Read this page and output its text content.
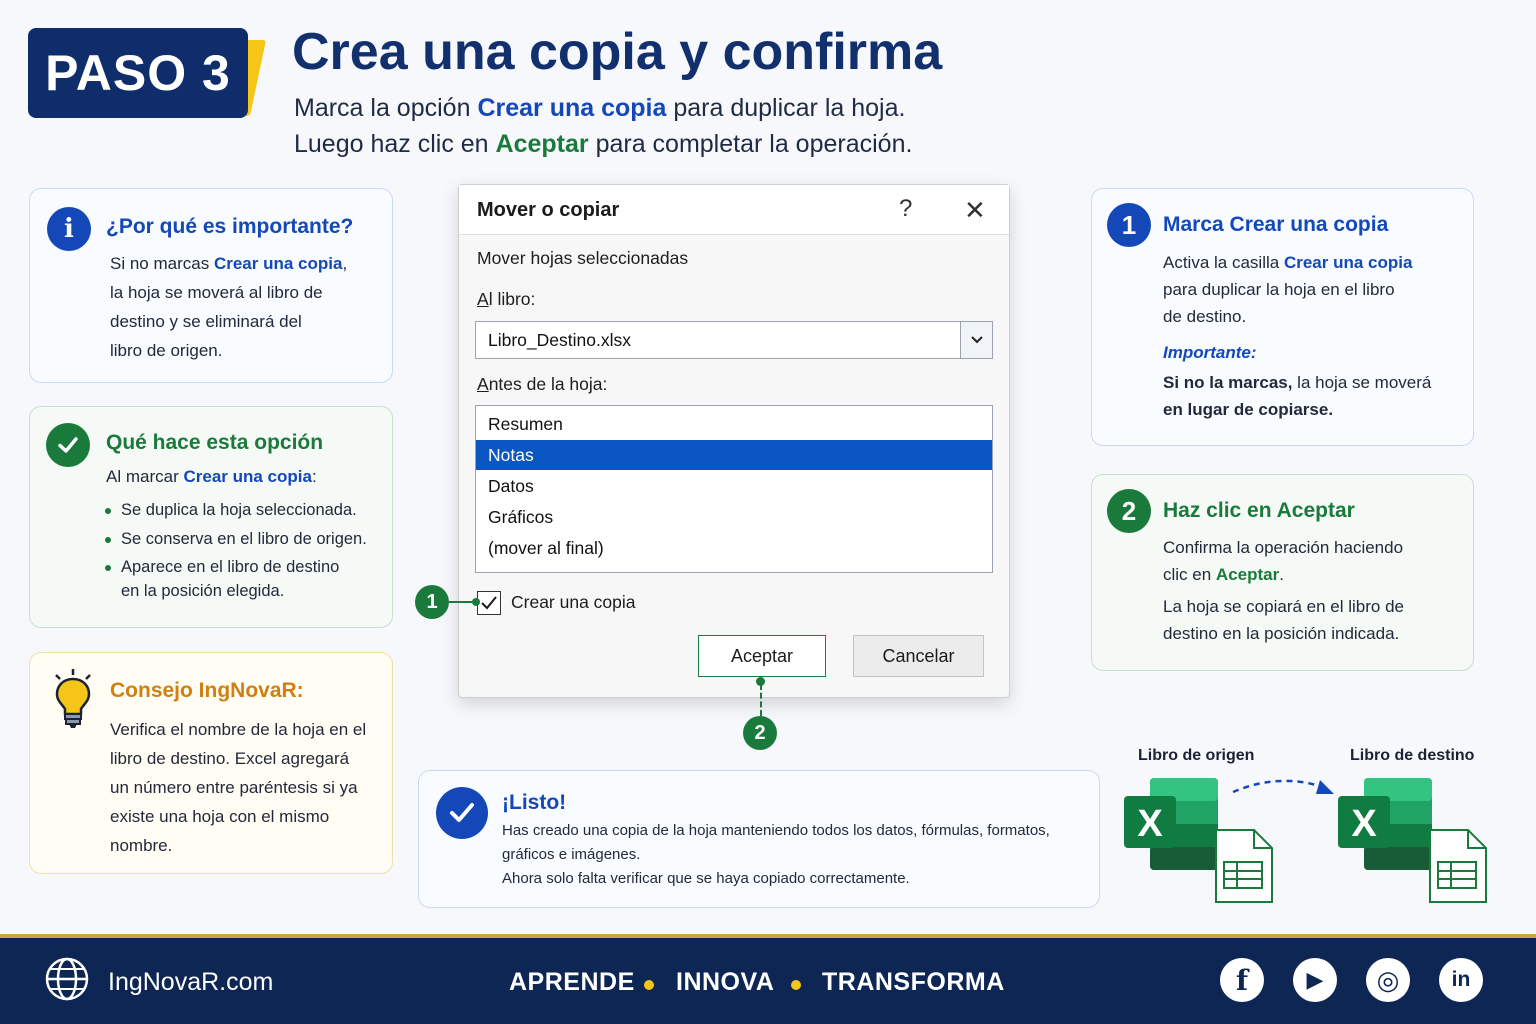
PASO 3	Crea una copia y confirma
Marca la opción Crear una copia para duplicar la hoja.
Luego haz clic en Aceptar para completar la operación.
i	¿Por qué es importante?
Si no marcas Crear una copia,
la hoja se moverá al libro de
destino y se eliminará del
libro de origen.
Qué hace esta opción
Al marcar Crear una copia:
Se duplica la hoja seleccionada.
Se conserva en el libro de origen.
Aparece en el libro de destino
en la posición elegida.
Consejo IngNovaR:
Verifica el nombre de la hoja en el
libro de destino. Excel agregará
un número entre paréntesis si ya
existe una hoja con el mismo
nombre.
Mover o copiar	? ✕
Mover hojas seleccionadas
Al libro:
Libro_Destino.xlsx
Antes de la hoja:
Resumen
Notas
Datos
Gráficos
(mover al final)
Crear una copia
Aceptar	Cancelar
1
2
1	Marca Crear una copia
Activa la casilla Crear una copia
para duplicar la hoja en el libro
de destino.
Importante:
Si no la marcas, la hoja se moverá
en lugar de copiarse.
2	Haz clic en Aceptar
Confirma la operación haciendo
clic en Aceptar.
La hoja se copiará en el libro de
destino en la posición indicada.
¡Listo!
Has creado una copia de la hoja manteniendo todos los datos, fórmulas, formatos,
gráficos e imágenes.
Ahora solo falta verificar que se haya copiado correctamente.
Libro de origen	Libro de destino
X	X
IngNovaR.com	APRENDE INNOVA TRANSFORMA	f	▶	◎	in
